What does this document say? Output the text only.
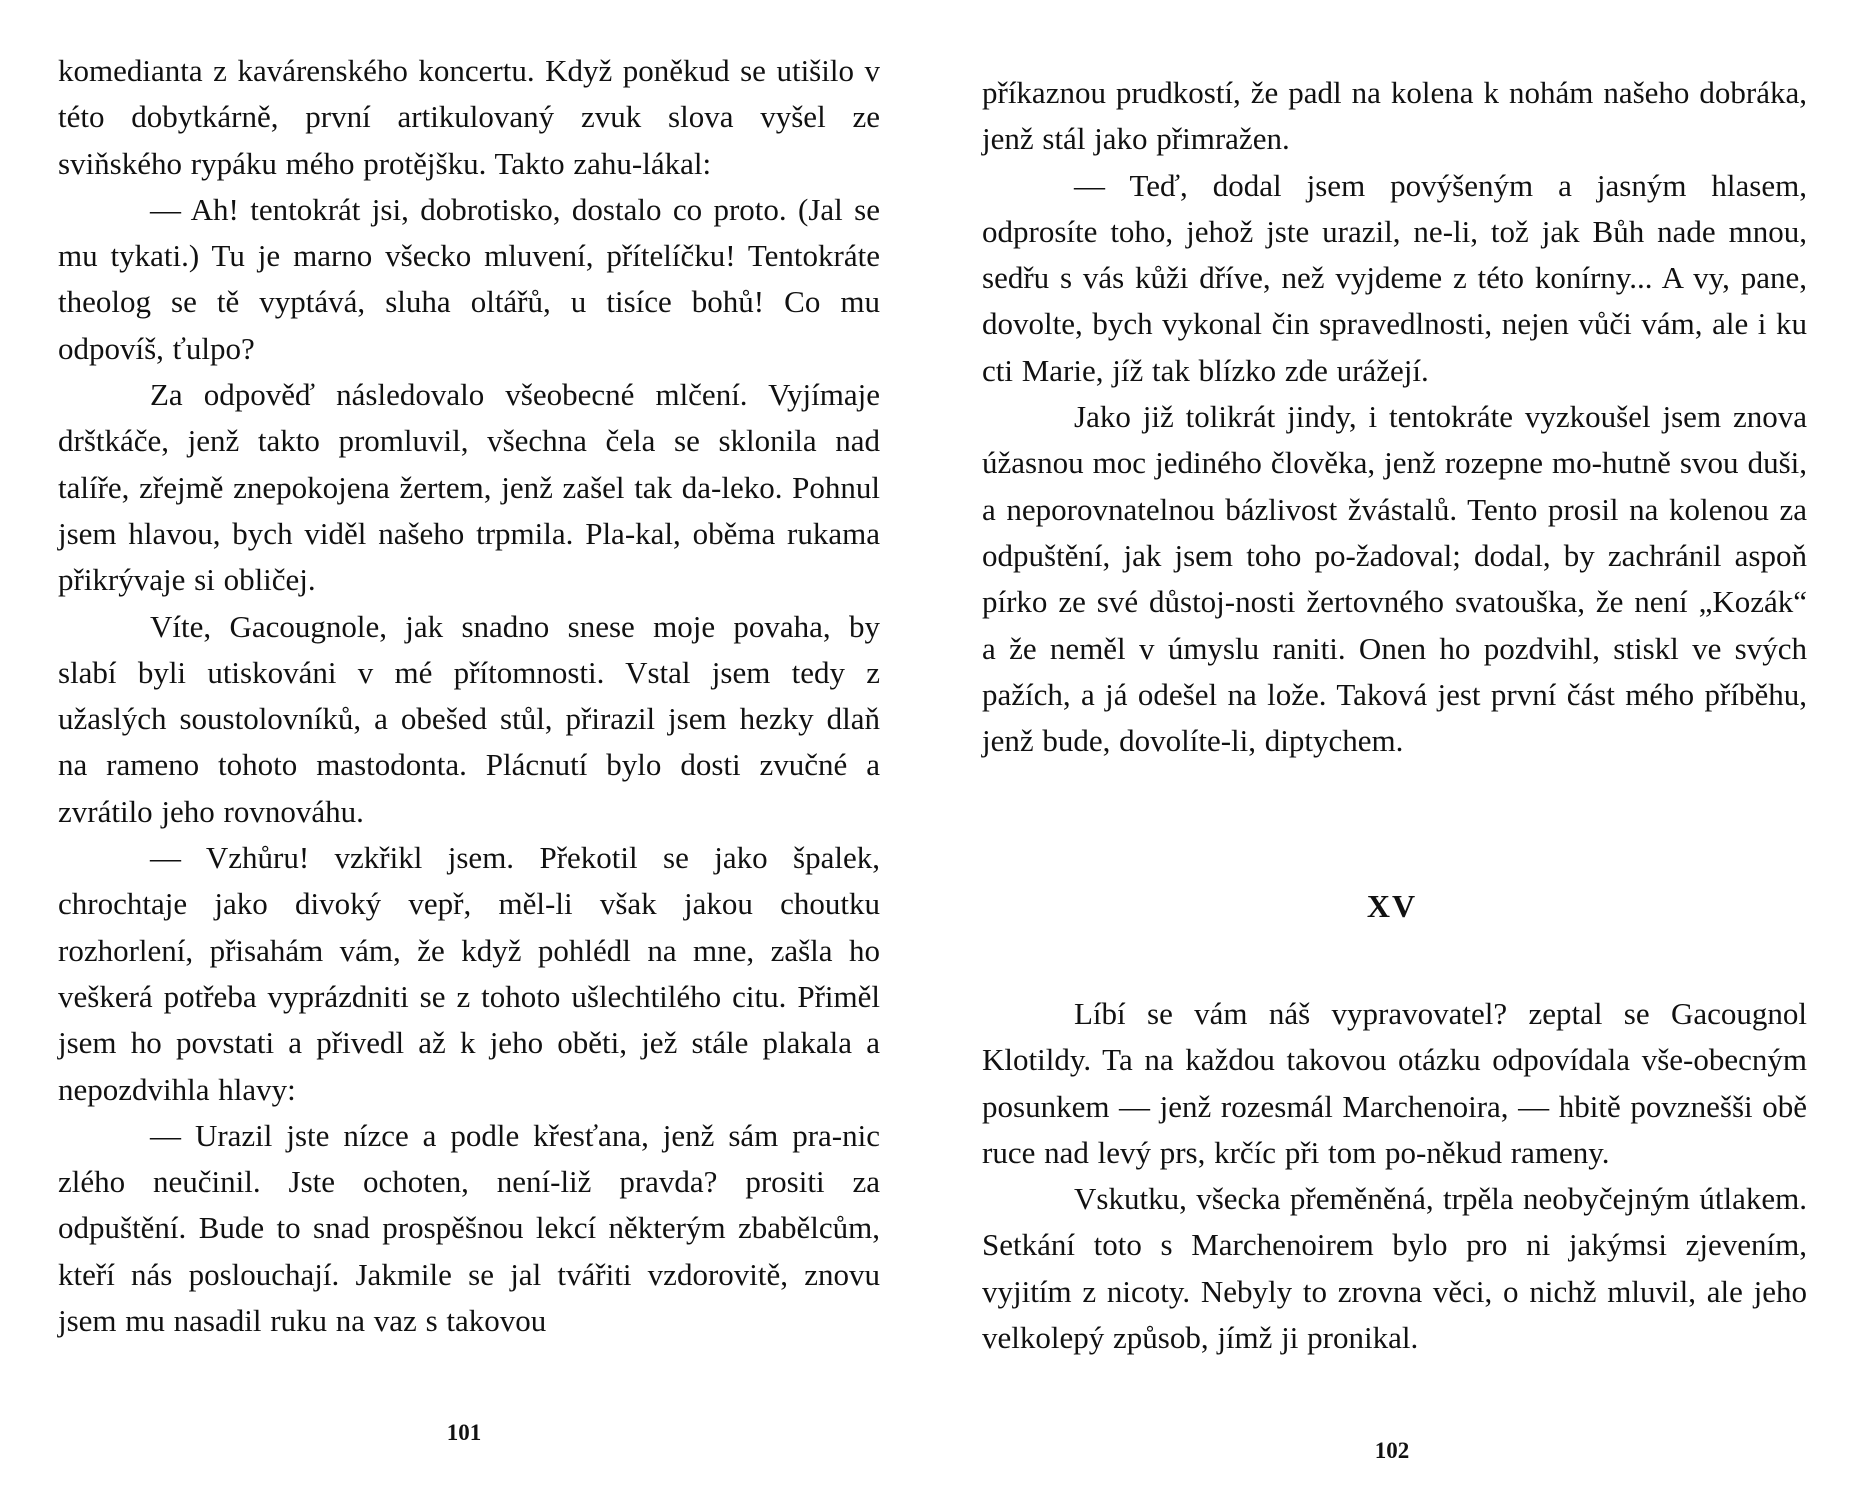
komedianta z kavárenského koncertu. Když poněkud se utišilo v této dobytkárně, první artikulovaný zvuk slova vyšel ze sviňského rypáku mého protějšku. Takto zahu-lákal:

— Ah! tentokrát jsi, dobrotisko, dostalo co proto. (Jal se mu tykati.) Tu je marno všecko mluvení, přítelíčku! Tentokráte theolog se tě vyptává, sluha oltářů, u tisíce bohů! Co mu odpovíš, ťulpo?

Za odpověď následovalo všeobecné mlčení. Vyjímaje drštkáče, jenž takto promluvil, všechna čela se sklonila nad talíře, zřejmě znepokojena žertem, jenž zašel tak da-leko. Pohnul jsem hlavou, bych viděl našeho trpmila. Pla-kal, oběma rukama přikrývaje si obličej.

Víte, Gacougnole, jak snadno snese moje povaha, by slabí byli utiskováni v mé přítomnosti. Vstal jsem tedy z užaslých soustolovníků, a obešed stůl, přirazil jsem hezky dlaň na rameno tohoto mastodonta. Plácnutí bylo dosti zvučné a zvrátilo jeho rovnováhu.

— Vzhůru! vzkřikl jsem. Překotil se jako špalek, chrochtaje jako divoký vepř, měl-li však jakou choutku rozhorlení, přisahám vám, že když pohlédl na mne, zašla ho veškerá potřeba vyprázdniti se z tohoto ušlechtilého citu. Přiměl jsem ho povstati a přivedl až k jeho oběti, jež stále plakala a nepozdvihla hlavy:

— Urazil jste nízce a podle křesťana, jenž sám pra-nic zlého neučinil. Jste ochoten, není-liž pravda? prositi za odpuštění. Bude to snad prospěšnou lekcí některým zbabělcům, kteří nás poslouchají. Jakmile se jal tvářiti vzdorovitě, znovu jsem mu nasadil ruku na vaz s takovou

101

příkaznou prudkostí, že padl na kolena k nohám našeho dobráka, jenž stál jako přimražen.

— Teď, dodal jsem povýšeným a jasným hlasem, odprosíte toho, jehož jste urazil, ne-li, tož jak Bůh nade mnou, sedřu s vás kůži dříve, než vyjdeme z této konírny... A vy, pane, dovolte, bych vykonal čin spravedlnosti, nejen vůči vám, ale i ku cti Marie, jíž tak blízko zde urážejí.

Jako již tolikrát jindy, i tentokráte vyzkoušel jsem znova úžasnou moc jediného člověka, jenž rozepne mo-hutně svou duši, a neporovnatelnou bázlivost žvástalů. Tento prosil na kolenou za odpuštění, jak jsem toho po-žadoval; dodal, by zachránil aspoň pírko ze své důstoj-nosti žertovného svatouška, že není „Kozák“ a že neměl v úmyslu raniti. Onen ho pozdvihl, stiskl ve svých pažích, a já odešel na lože. Taková jest první část mého příběhu, jenž bude, dovolíte-li, diptychem.

XV

Líbí se vám náš vypravovatel? zeptal se Gacougnol Klotildy. Ta na každou takovou otázku odpovídala vše-obecným posunkem — jenž rozesmál Marchenoira, — hbitě povznešši obě ruce nad levý prs, krčíc při tom po-někud rameny.

Vskutku, všecka přeměněná, trpěla neobyčejným útlakem. Setkání toto s Marchenoirem bylo pro ni jakýmsi zjevením, vyjitím z nicoty. Nebyly to zrovna věci, o nichž mluvil, ale jeho velkolepý způsob, jímž ji pronikal.

102
